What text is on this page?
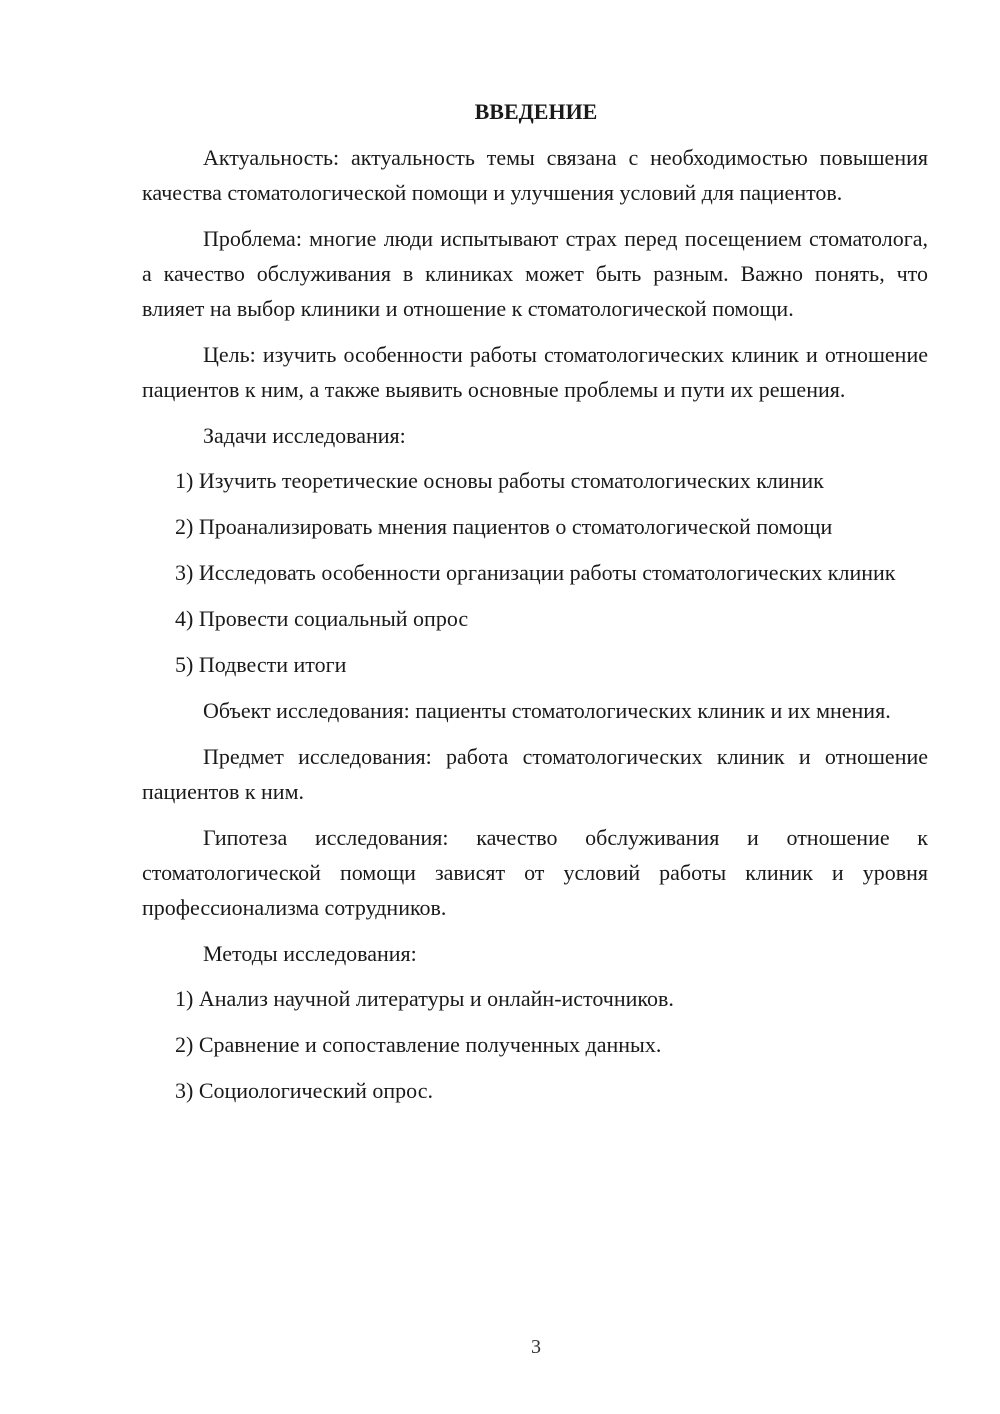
ВВЕДЕНИЕ

Актуальность: актуальность темы связана с необходимостью повышения качества стоматологической помощи и улучшения условий для пациентов.

Проблема: многие люди испытывают страх перед посещением стоматолога, а качество обслуживания в клиниках может быть разным. Важно понять, что влияет на выбор клиники и отношение к стоматологической помощи.

Цель: изучить особенности работы стоматологических клиник и отношение пациентов к ним, а также выявить основные проблемы и пути их решения.

Задачи исследования:

1) Изучить теоретические основы работы стоматологических клиник

2) Проанализировать мнения пациентов о стоматологической помощи

3) Исследовать особенности организации работы стоматологических клиник

4) Провести социальный опрос

5) Подвести итоги

Объект исследования: пациенты стоматологических клиник и их мнения.

Предмет исследования: работа стоматологических клиник и отношение пациентов к ним.

Гипотеза исследования: качество обслуживания и отношение к стоматологической помощи зависят от условий работы клиник и уровня профессионализма сотрудников.

Методы исследования:

1) Анализ научной литературы и онлайн-источников.

2) Сравнение и сопоставление полученных данных.

3) Социологический опрос.

3
